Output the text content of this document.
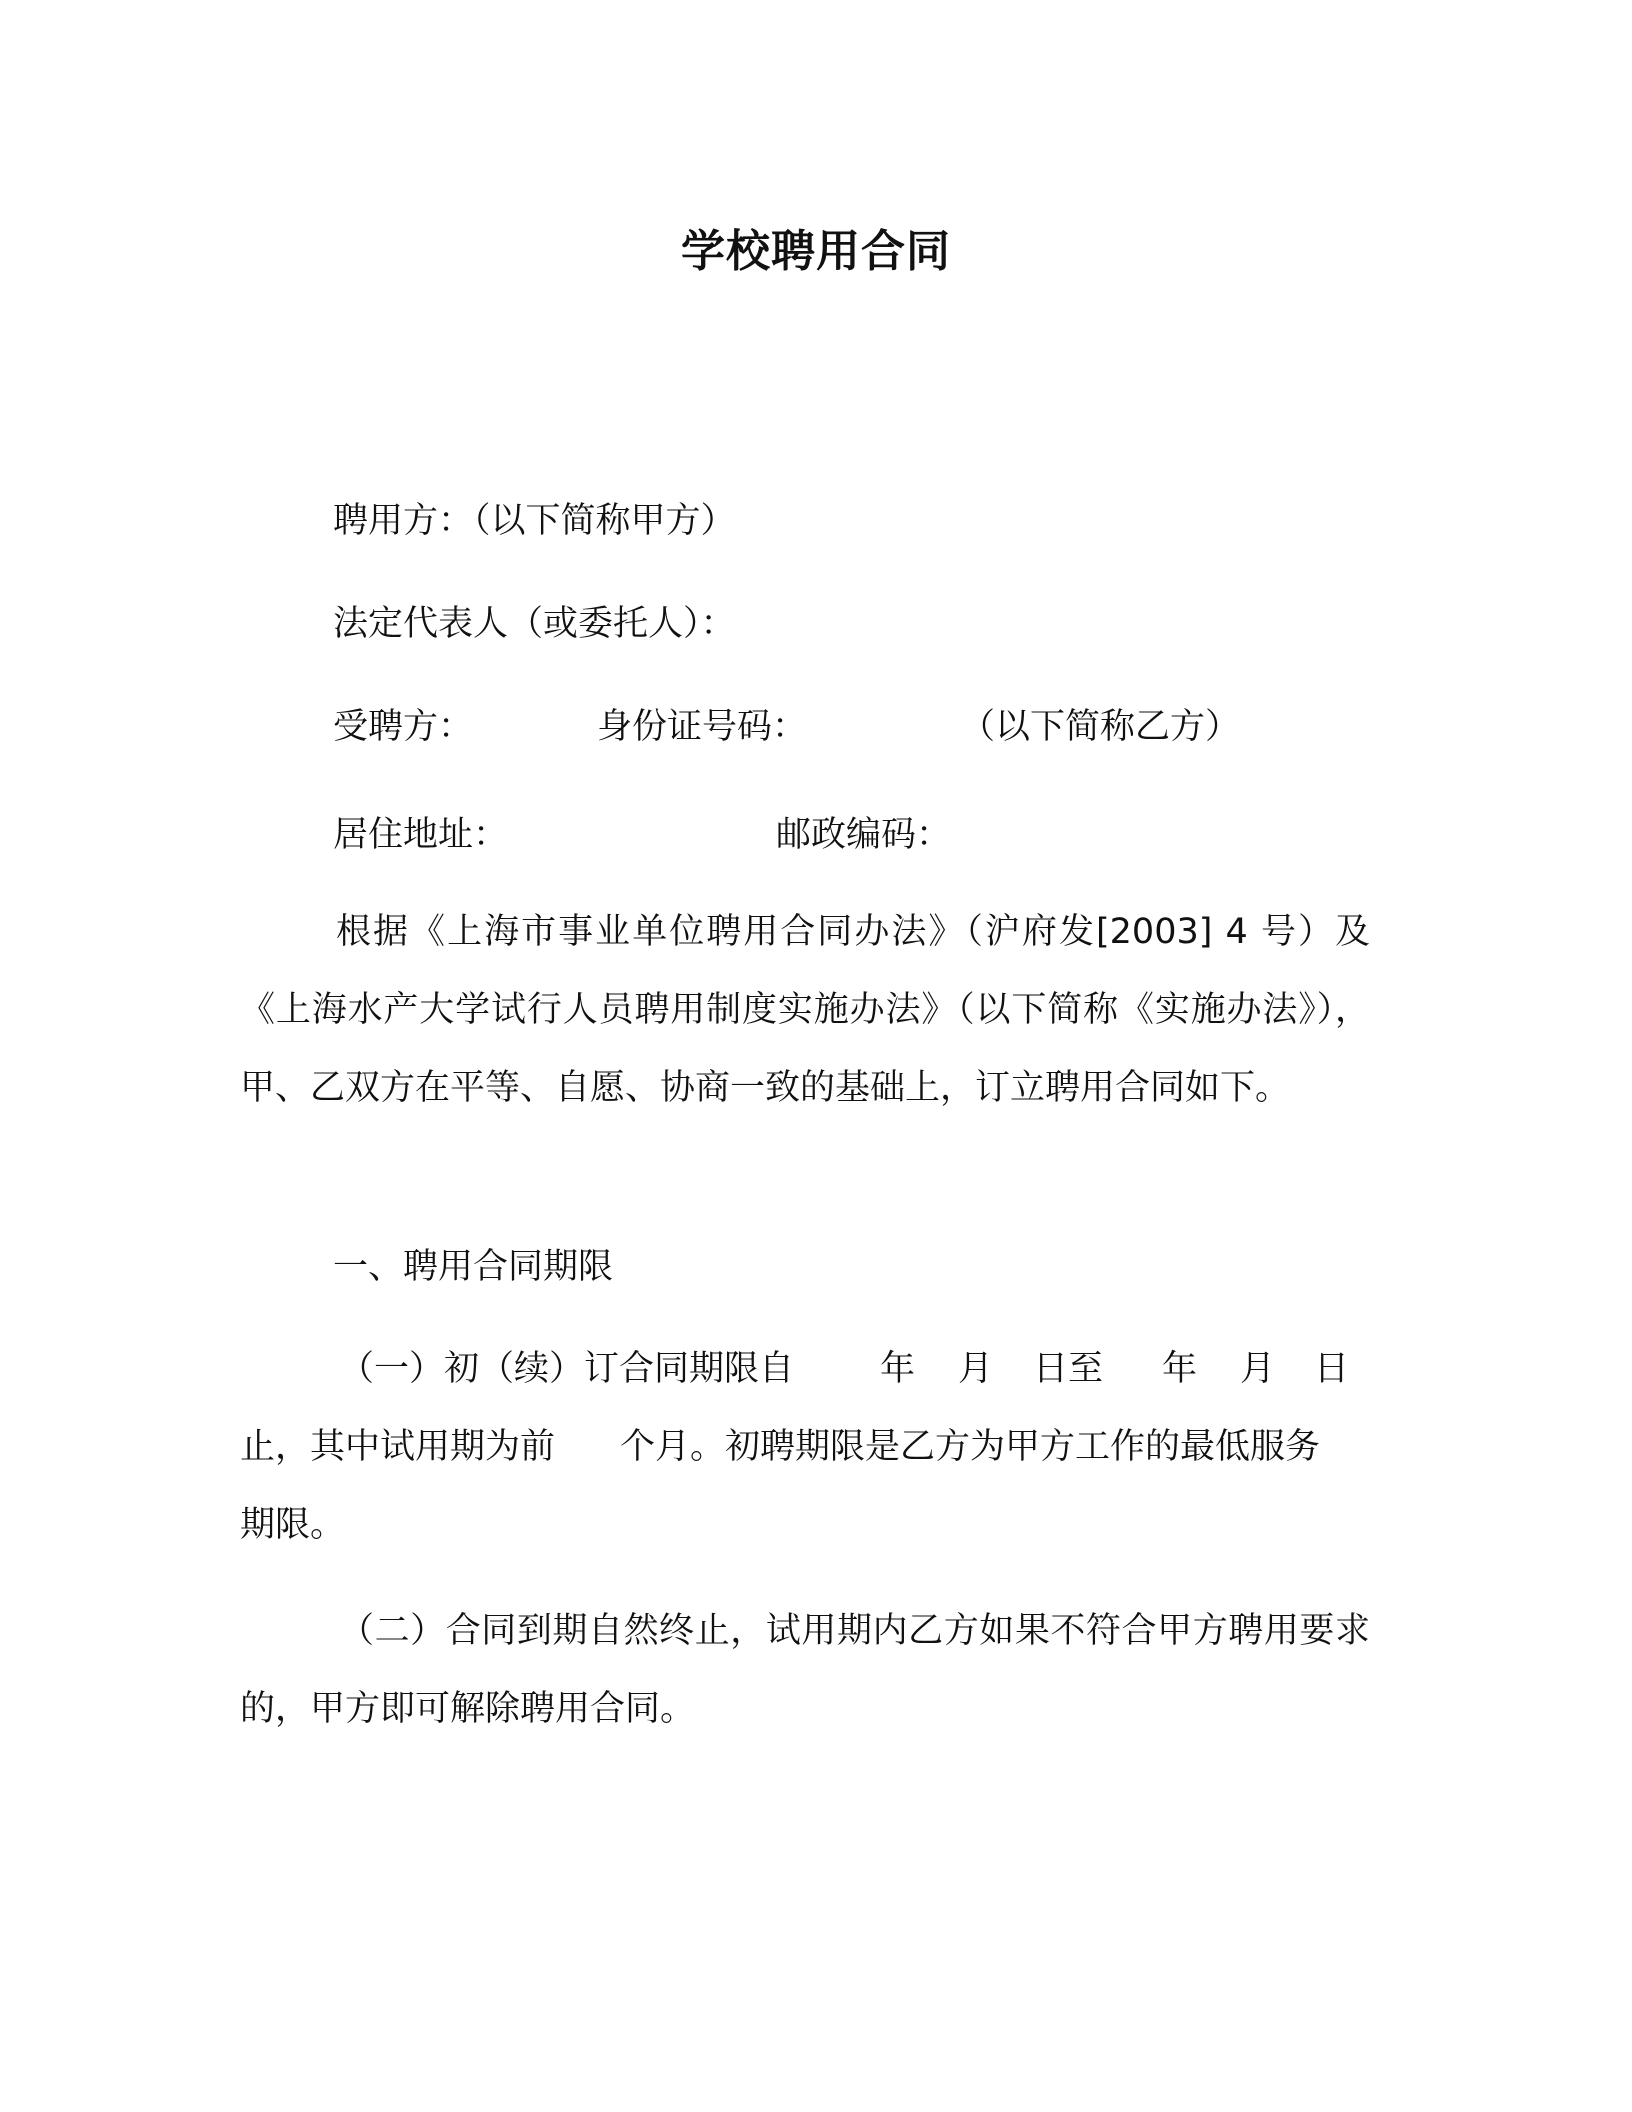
学校聘用合同
聘用方：（以下简称甲方）
法定代表人（或委托人）：
受聘方：	身份证号码：	（以下简称乙方）
居住地址：	邮政编码：
根据《上海市事业单位聘用合同办法》（沪府发[2003] 4 号）及《上海水产大学试行人员聘用制度实施办法》（以下简称《实施办法》），甲、乙双方在平等、自愿、协商一致的基础上，订立聘用合同如下。
一、聘用合同期限
（一）初（续）订合同期限自 年 月 日至 年 月 日
止，其中试用期为前 个月。初聘期限是乙方为甲方工作的最低服务
期限。
（二）合同到期自然终止，试用期内乙方如果不符合甲方聘用要求的，甲方即可解除聘用合同。
